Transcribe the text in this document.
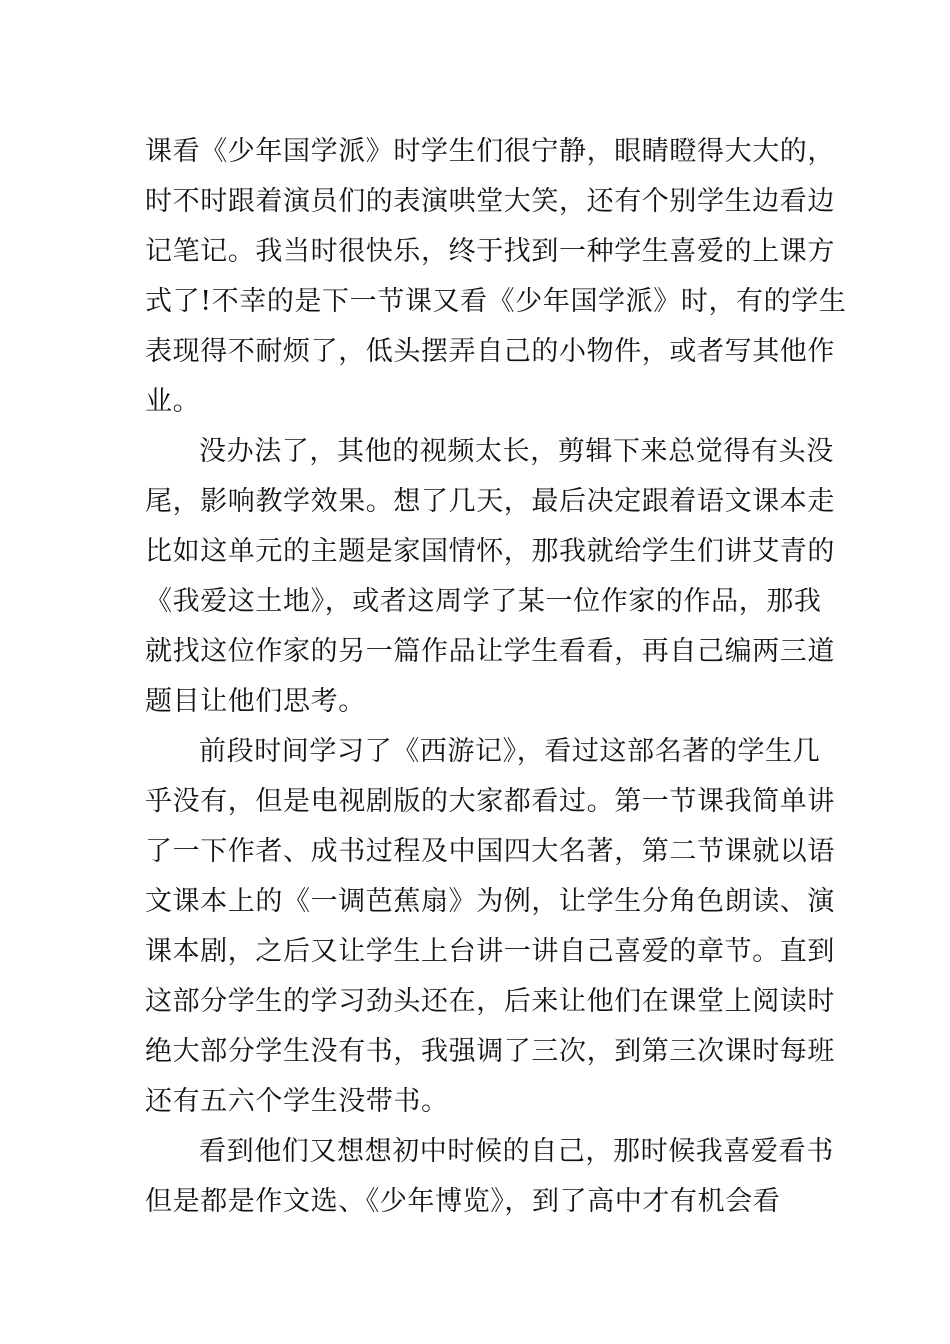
课看《少年国学派》时学生们很宁静，眼睛瞪得大大的，
时不时跟着演员们的表演哄堂大笑，还有个别学生边看边
记笔记。我当时很快乐，终于找到一种学生喜爱的上课方
式了!不幸的是下一节课又看《少年国学派》时，有的学生
表现得不耐烦了，低头摆弄自己的小物件，或者写其他作
业。
没办法了，其他的视频太长，剪辑下来总觉得有头没
尾，影响教学效果。想了几天，最后决定跟着语文课本走
比如这单元的主题是家国情怀，那我就给学生们讲艾青的
《我爱这土地》，或者这周学了某一位作家的作品，那我
就找这位作家的另一篇作品让学生看看，再自己编两三道
题目让他们思考。
前段时间学习了《西游记》，看过这部名著的学生几
乎没有，但是电视剧版的大家都看过。第一节课我简单讲
了一下作者、成书过程及中国四大名著，第二节课就以语
文课本上的《一调芭蕉扇》为例，让学生分角色朗读、演
课本剧，之后又让学生上台讲一讲自己喜爱的章节。直到
这部分学生的学习劲头还在，后来让他们在课堂上阅读时
绝大部分学生没有书，我强调了三次，到第三次课时每班
还有五六个学生没带书。
看到他们又想想初中时候的自己，那时候我喜爱看书
但是都是作文选、《少年博览》，到了高中才有机会看
